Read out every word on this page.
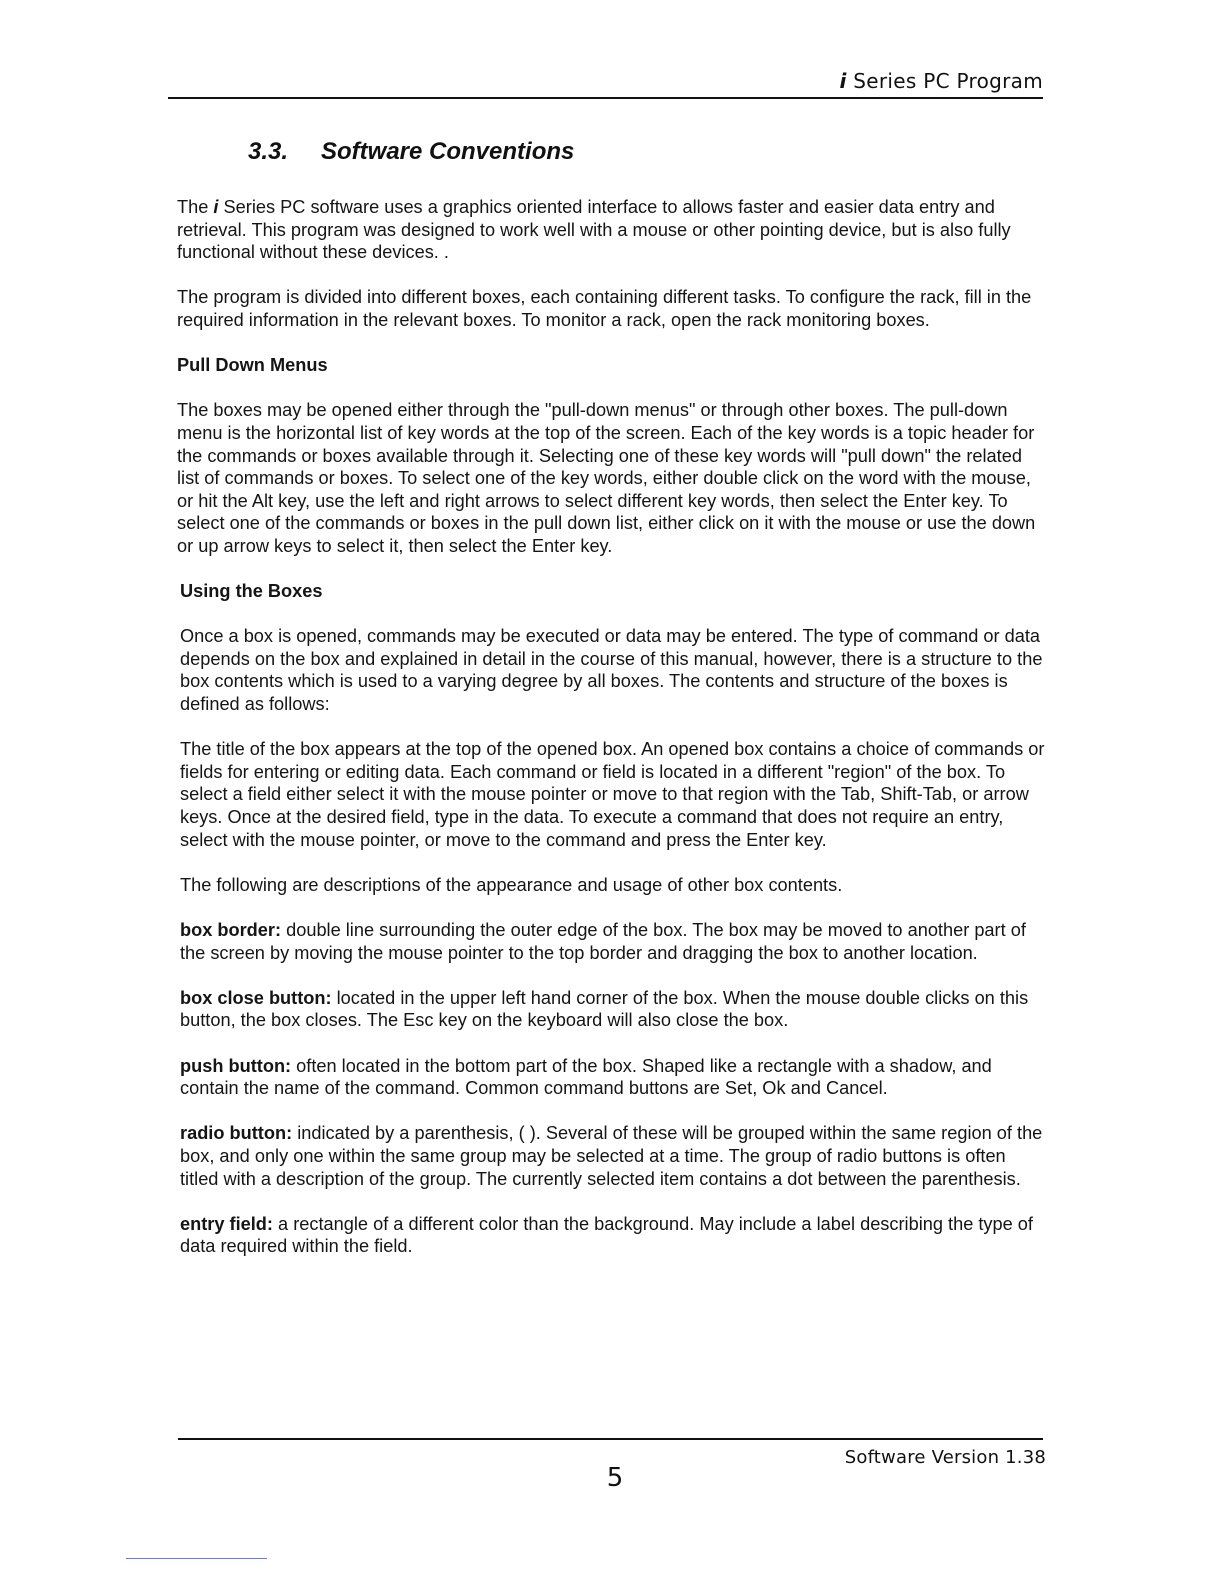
i Series PC Program
3.3. Software Conventions

The i Series PC software uses a graphics oriented interface to allows faster and easier data entry and retrieval. This program was designed to work well with a mouse or other pointing device, but is also fully functional without these devices. .

The program is divided into different boxes, each containing different tasks. To configure the rack, fill in the required information in the relevant boxes. To monitor a rack, open the rack monitoring boxes.

Pull Down Menus

The boxes may be opened either through the "pull-down menus" or through other boxes. The pull-down menu is the horizontal list of key words at the top of the screen. Each of the key words is a topic header for the commands or boxes available through it. Selecting one of these key words will "pull down" the related list of commands or boxes. To select one of the key words, either double click on the word with the mouse, or hit the Alt key, use the left and right arrows to select different key words, then select the Enter key. To select one of the commands or boxes in the pull down list, either click on it with the mouse or use the down or up arrow keys to select it, then select the Enter key.

Using the Boxes

Once a box is opened, commands may be executed or data may be entered. The type of command or data depends on the box and explained in detail in the course of this manual, however, there is a structure to the box contents which is used to a varying degree by all boxes. The contents and structure of the boxes is defined as follows:

The title of the box appears at the top of the opened box. An opened box contains a choice of commands or fields for entering or editing data. Each command or field is located in a different "region" of the box. To select a field either select it with the mouse pointer or move to that region with the Tab, Shift-Tab, or arrow keys. Once at the desired field, type in the data. To execute a command that does not require an entry, select with the mouse pointer, or move to the command and press the Enter key.

The following are descriptions of the appearance and usage of other box contents.

box border: double line surrounding the outer edge of the box. The box may be moved to another part of the screen by moving the mouse pointer to the top border and dragging the box to another location.

box close button: located in the upper left hand corner of the box. When the mouse double clicks on this button, the box closes. The Esc key on the keyboard will also close the box.

push button: often located in the bottom part of the box. Shaped like a rectangle with a shadow, and contain the name of the command. Common command buttons are Set, Ok and Cancel.

radio button: indicated by a parenthesis, ( ). Several of these will be grouped within the same region of the box, and only one within the same group may be selected at a time. The group of radio buttons is often titled with a description of the group. The currently selected item contains a dot between the parenthesis.

entry field: a rectangle of a different color than the background. May include a label describing the type of data required within the field.

Software Version 1.38
5
